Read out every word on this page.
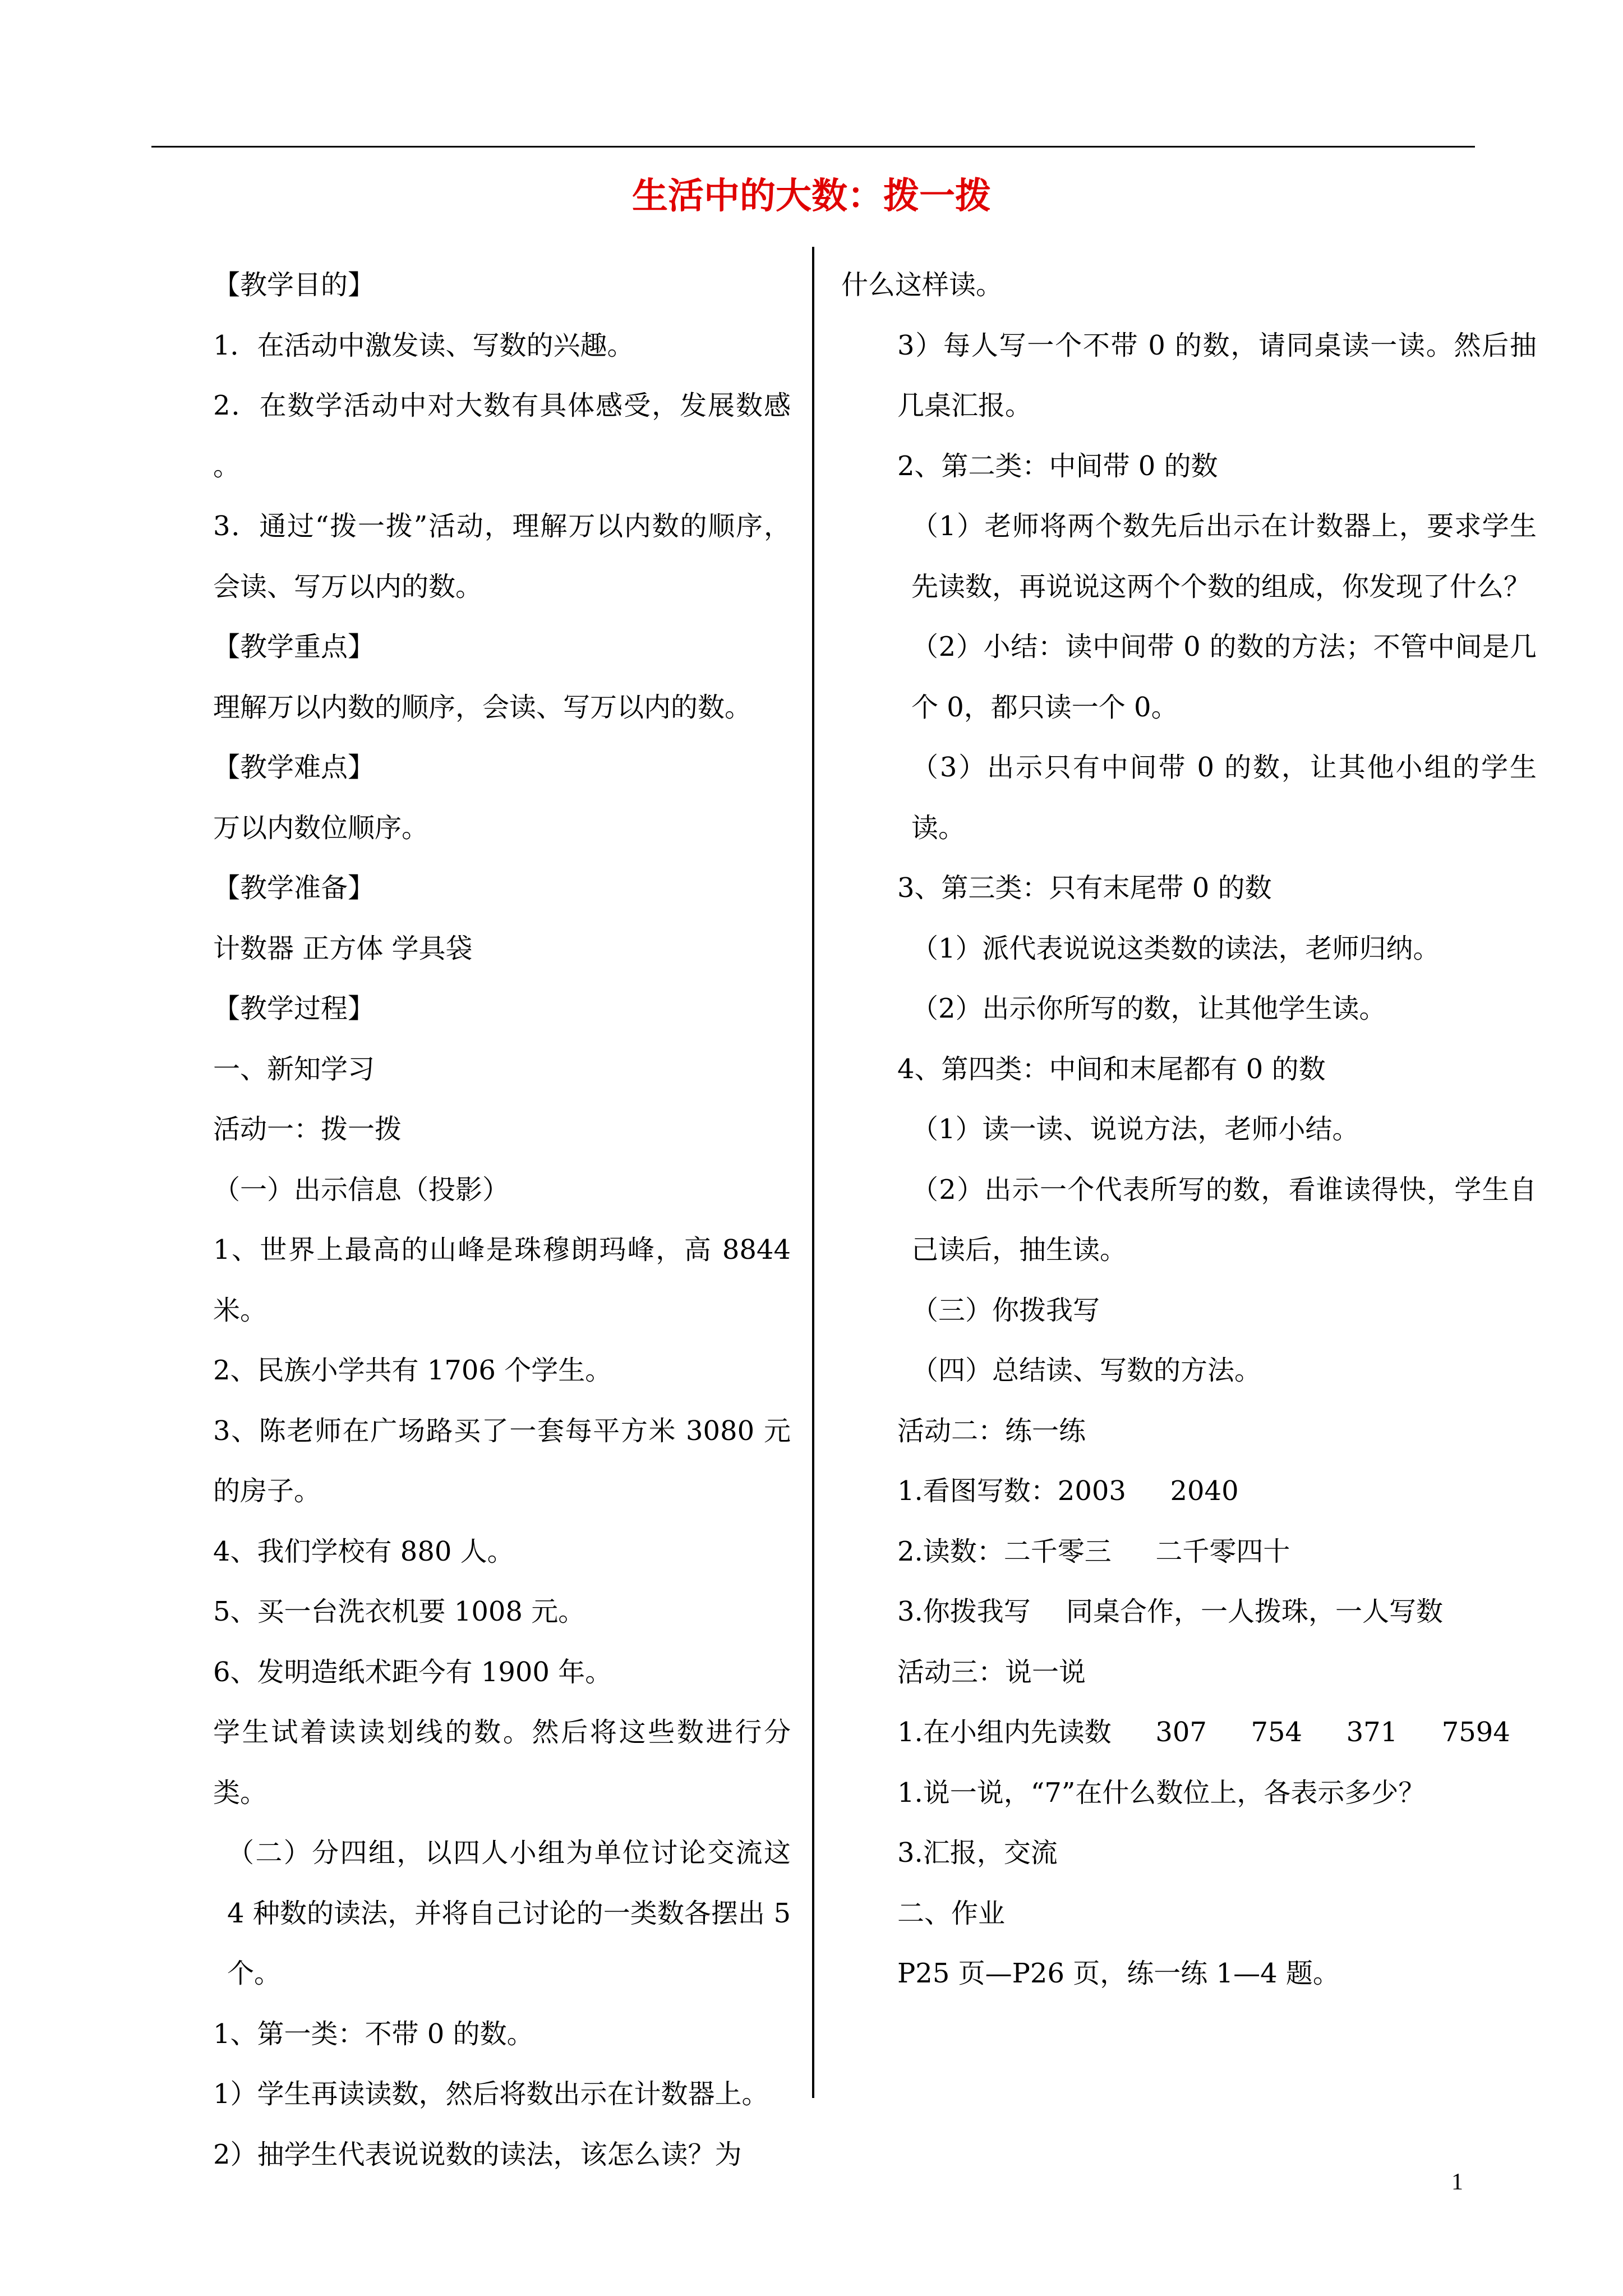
生活中的大数：拨一拨

【教学目的】

1．在活动中激发读、写数的兴趣。

2．在数学活动中对大数有具体感受，发展数感 。

3．通过“拨一拨”活动，理解万以内数的顺序，会读、写万以内的数。

【教学重点】

理解万以内数的顺序，会读、写万以内的数。

【教学难点】

万以内数位顺序。

【教学准备】

计数器 正方体 学具袋

【教学过程】

一、新知学习

活动一：拨一拨

（一）出示信息（投影）

1、世界上最高的山峰是珠穆朗玛峰，高 8844 米。

2、民族小学共有 1706 个学生。

3、陈老师在广场路买了一套每平方米 3080 元的房子。

4、我们学校有 880 人。

5、买一台洗衣机要 1008 元。

6、发明造纸术距今有 1900 年。

学生试着读读划线的数。然后将这些数进行分类。

（二）分四组，以四人小组为单位讨论交流这 4 种数的读法，并将自己讨论的一类数各摆出 5 个。

1、第一类：不带 0 的数。

1）学生再读读数，然后将数出示在计数器上。

2）抽学生代表说说数的读法，该怎么读？为

什么这样读。

3）每人写一个不带 0 的数，请同桌读一读。然后抽几桌汇报。

2、第二类：中间带 0 的数

（1）老师将两个数先后出示在计数器上，要求学生先读数，再说说这两个个数的组成，你发现了什么？

（2）小结：读中间带 0 的数的方法；不管中间是几个 0，都只读一个 0。

（3）出示只有中间带 0 的数，让其他小组的学生读。

3、第三类：只有末尾带 0 的数

（1）派代表说说这类数的读法，老师归纳。

（2）出示你所写的数，让其他学生读。

4、第四类：中间和末尾都有 0 的数

（1）读一读、说说方法，老师小结。

（2）出示一个代表所写的数，看谁读得快，学生自己读后，抽生读。

（三）你拨我写

（四）总结读、写数的方法。

活动二：练一练

1.看图写数：2003 　 2040

2.读数：二千零三 　 二千零四十

3.你拨我写 　同桌合作，一人拨珠，一人写数

活动三：说一说

1.在小组内先读数 　 307 　 754 　 371 　 7594

1.说一说，“7”在什么数位上，各表示多少？

3.汇报，交流

二、作业

P25 页—P26 页，练一练 1—4 题。

1
